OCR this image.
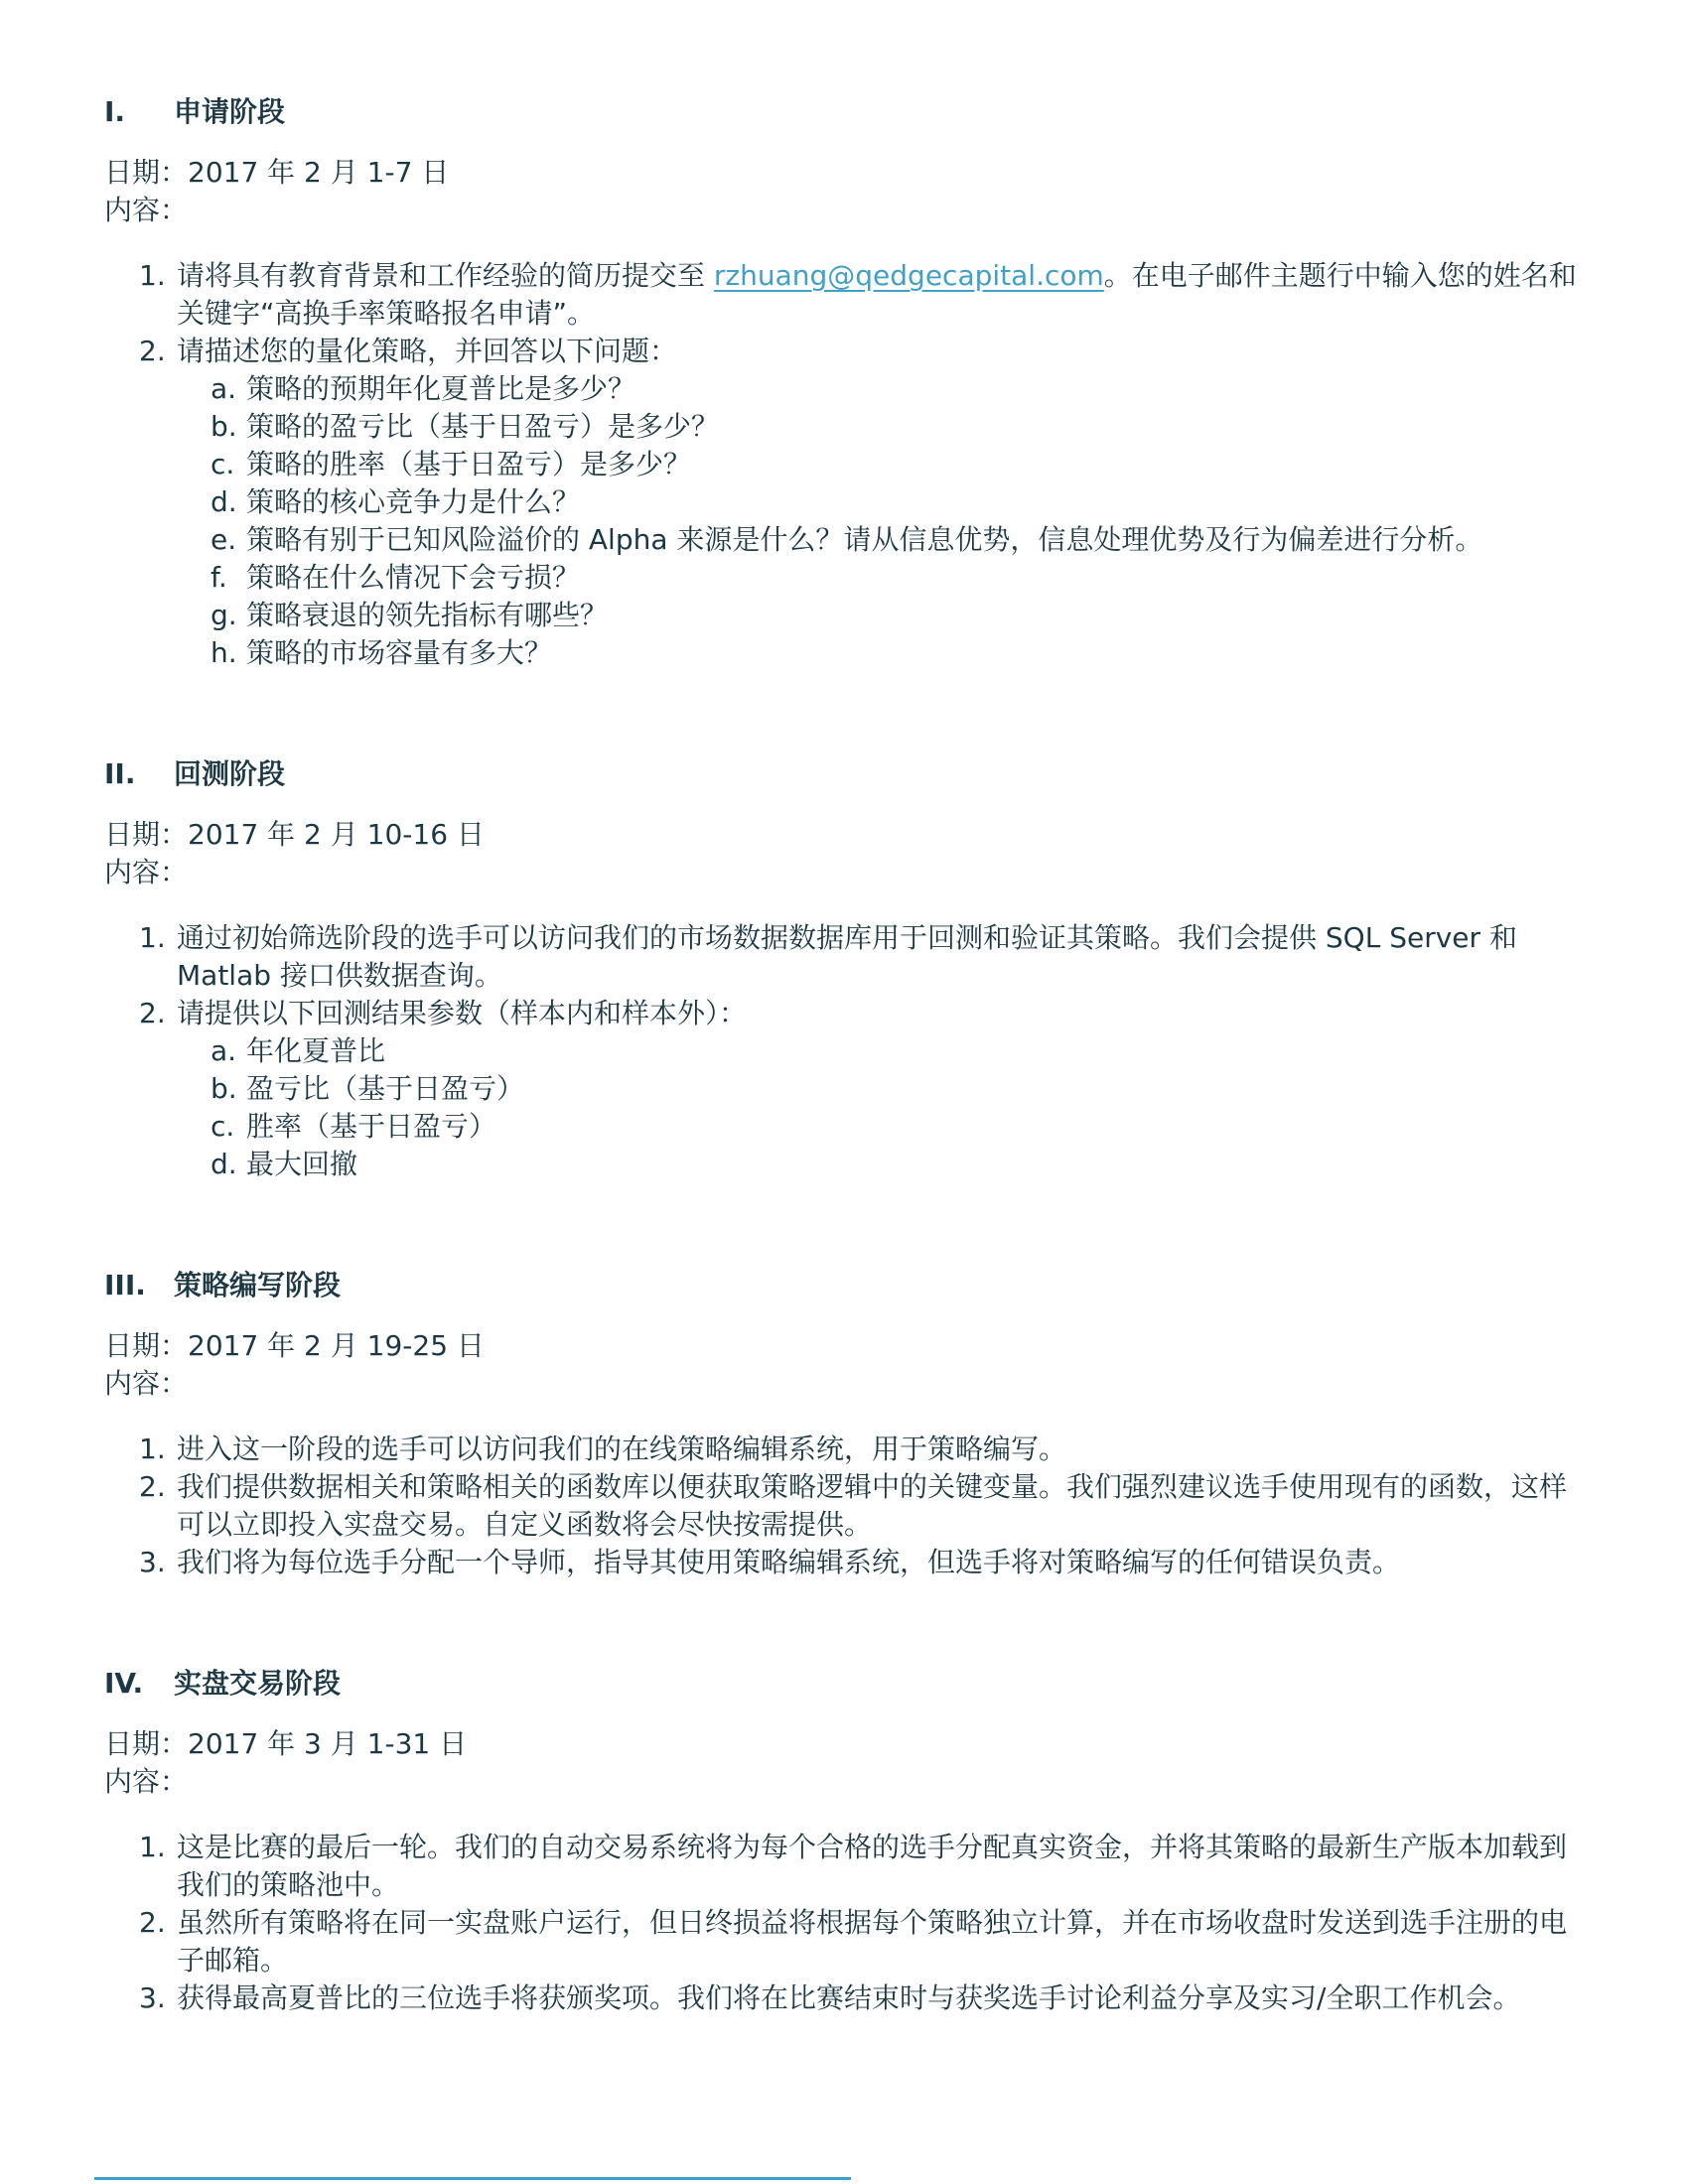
I.	申请阶段
日期：2017 年 2 月 1-7 日
内容：
1. 请将具有教育背景和工作经验的简历提交至 rzhuang@qedgecapital.com。在电子邮件主题行中输入您的姓名和关键字“高换手率策略报名申请”。
2. 请描述您的量化策略，并回答以下问题：
a. 策略的预期年化夏普比是多少？
b. 策略的盈亏比（基于日盈亏）是多少？
c. 策略的胜率（基于日盈亏）是多少？
d. 策略的核心竞争力是什么？
e. 策略有别于已知风险溢价的 Alpha 来源是什么？请从信息优势，信息处理优势及行为偏差进行分析。
f. 策略在什么情况下会亏损？
g. 策略衰退的领先指标有哪些？
h. 策略的市场容量有多大？
II.	回测阶段
日期：2017 年 2 月 10-16 日
内容：
1. 通过初始筛选阶段的选手可以访问我们的市场数据数据库用于回测和验证其策略。我们会提供 SQL Server 和 Matlab 接口供数据查询。
2. 请提供以下回测结果参数（样本内和样本外）：
a. 年化夏普比
b. 盈亏比（基于日盈亏）
c. 胜率（基于日盈亏）
d. 最大回撤
III.	策略编写阶段
日期：2017 年 2 月 19-25 日
内容：
1. 进入这一阶段的选手可以访问我们的在线策略编辑系统，用于策略编写。
2. 我们提供数据相关和策略相关的函数库以便获取策略逻辑中的关键变量。我们强烈建议选手使用现有的函数，这样可以立即投入实盘交易。自定义函数将会尽快按需提供。
3. 我们将为每位选手分配一个导师，指导其使用策略编辑系统，但选手将对策略编写的任何错误负责。
IV.	实盘交易阶段
日期：2017 年 3 月 1-31 日
内容：
1. 这是比赛的最后一轮。我们的自动交易系统将为每个合格的选手分配真实资金，并将其策略的最新生产版本加载到我们的策略池中。
2. 虽然所有策略将在同一实盘账户运行，但日终损益将根据每个策略独立计算，并在市场收盘时发送到选手注册的电子邮箱。
3. 获得最高夏普比的三位选手将获颁奖项。我们将在比赛结束时与获奖选手讨论利益分享及实习/全职工作机会。
